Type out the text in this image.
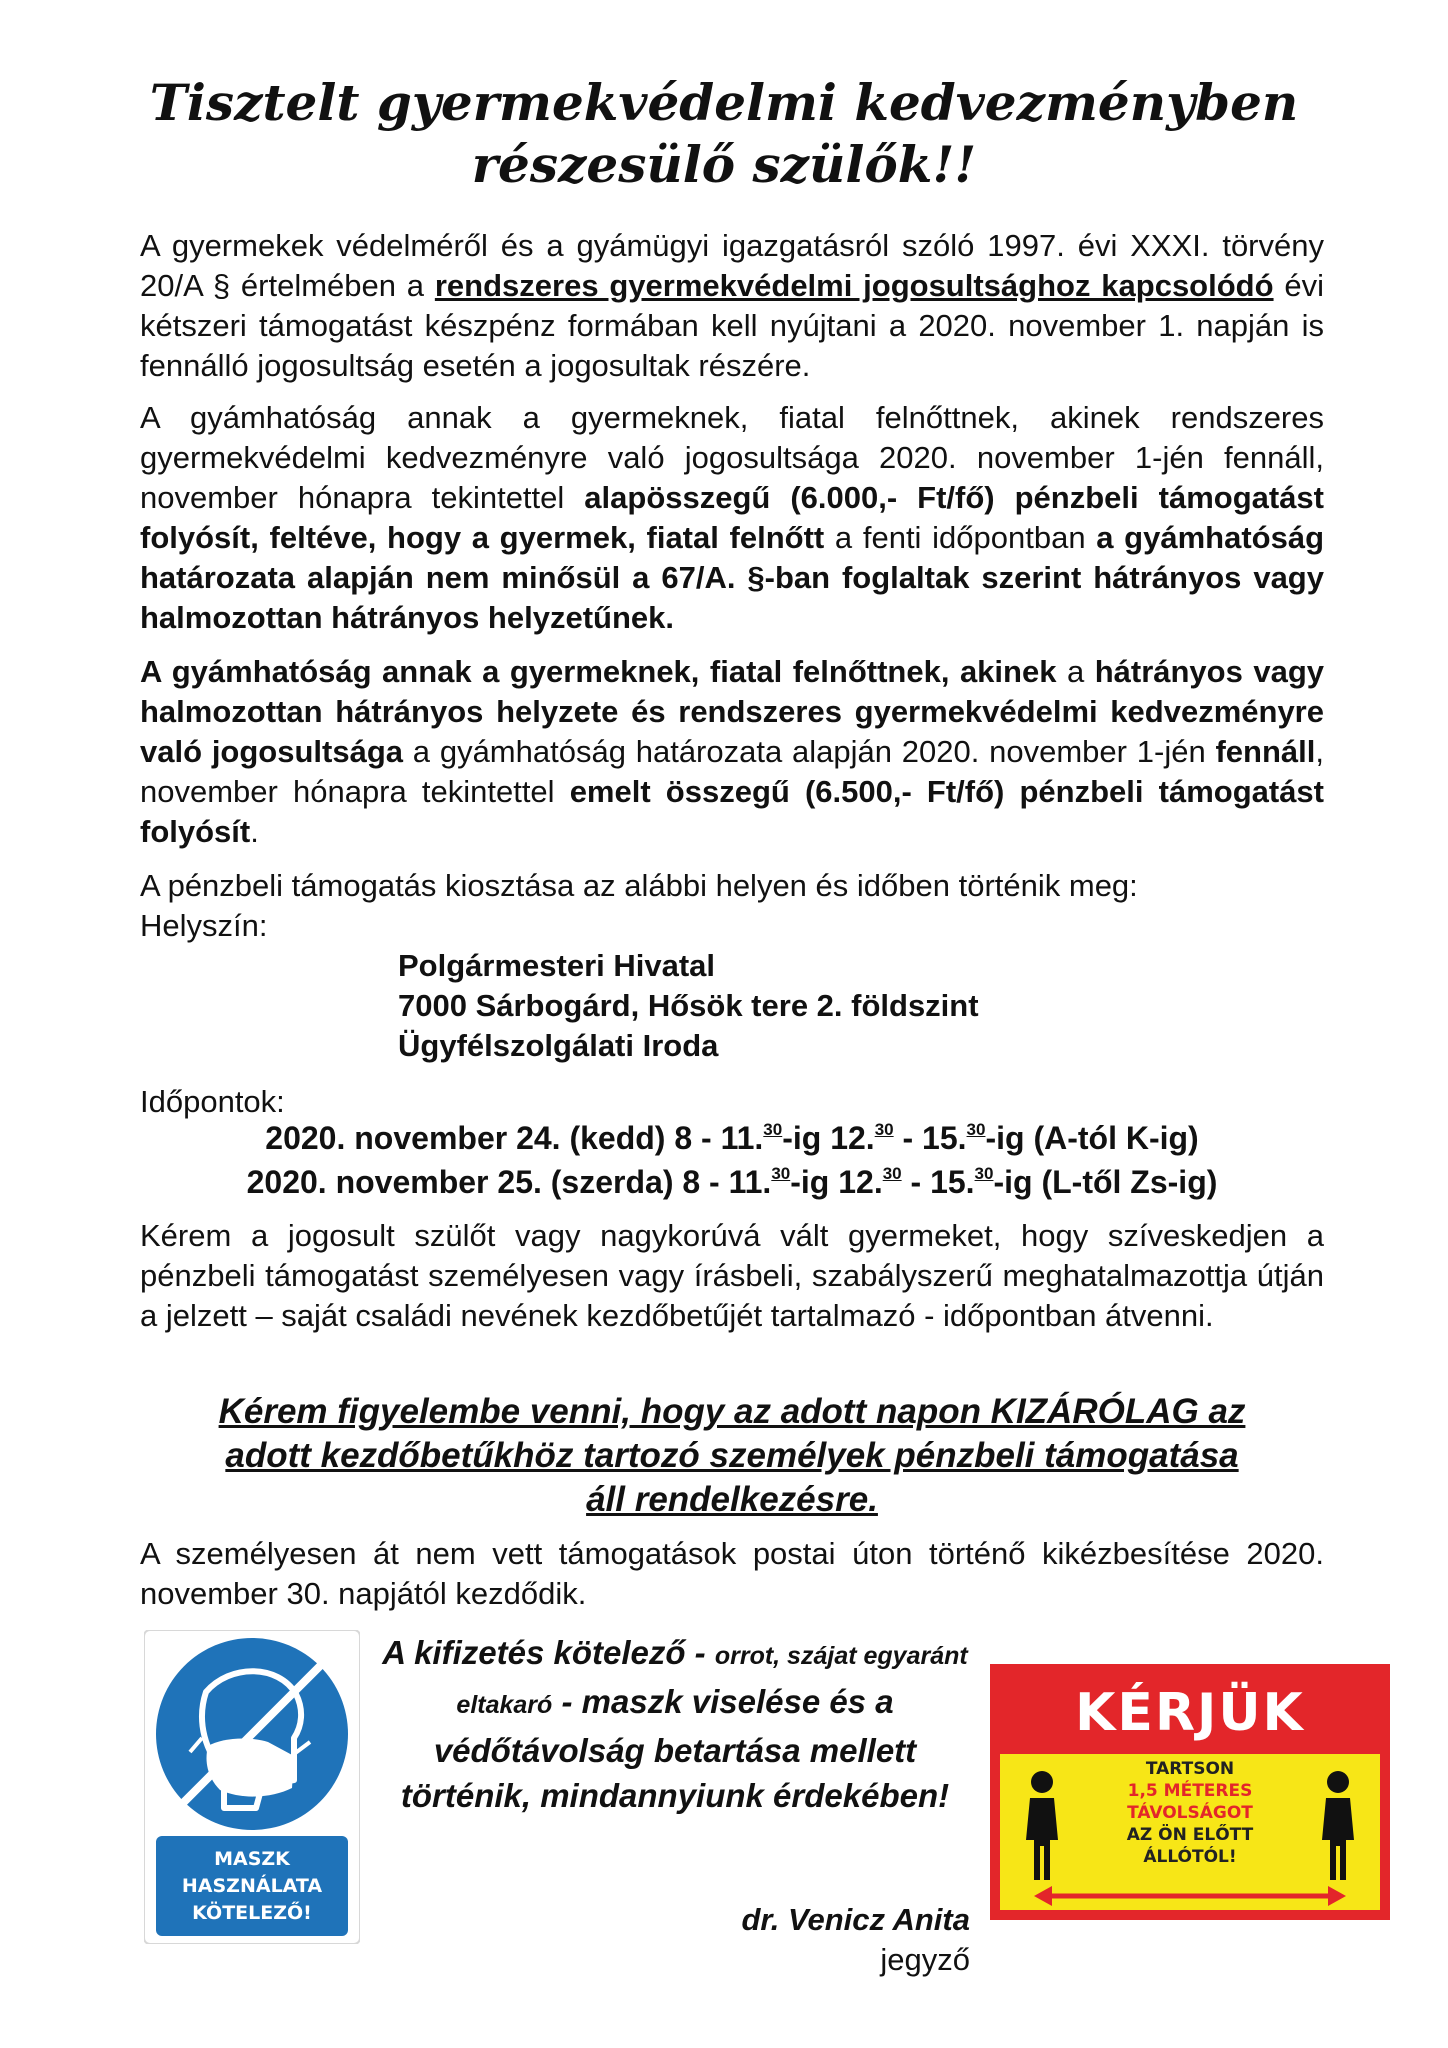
Tisztelt gyermekvédelmi kedvezményben
részesülő szülők!!

A gyermekek védelméről és a gyámügyi igazgatásról szóló 1997. évi XXXI. törvény 20/A § értelmében a rendszeres gyermekvédelmi jogosultsághoz kapcsolódó évi kétszeri támogatást készpénz formában kell nyújtani a 2020. november 1. napján is fennálló jogosultság esetén a jogosultak részére.

A gyámhatóság annak a gyermeknek, fiatal felnőttnek, akinek rendszeres gyermekvédelmi kedvezményre való jogosultsága 2020. november 1-jén fennáll, november hónapra tekintettel alapösszegű (6.000,- Ft/fő) pénzbeli támogatást folyósít, feltéve, hogy a gyermek, fiatal felnőtt a fenti időpontban a gyámhatóság határozata alapján nem minősül a 67/A. §-ban foglaltak szerint hátrányos vagy halmozottan hátrányos helyzetűnek.

A gyámhatóság annak a gyermeknek, fiatal felnőttnek, akinek a hátrányos vagy halmozottan hátrányos helyzete és rendszeres gyermekvédelmi kedvezményre való jogosultsága a gyámhatóság határozata alapján 2020. november 1-jén fennáll, november hónapra tekintettel emelt összegű (6.500,- Ft/fő) pénzbeli támogatást folyósít.

A pénzbeli támogatás kiosztása az alábbi helyen és időben történik meg:

Helyszín:

Polgármesteri Hivatal
7000 Sárbogárd, Hősök tere 2. földszint
Ügyfélszolgálati Iroda

Időpontok:

2020. november 24. (kedd) 8 - 11.30-ig 12.30 - 15.30-ig (A-tól K-ig)
2020. november 25. (szerda) 8 - 11.30-ig 12.30 - 15.30-ig (L-től Zs-ig)

Kérem a jogosult szülőt vagy nagykorúvá vált gyermeket, hogy szíveskedjen a pénzbeli támogatást személyesen vagy írásbeli, szabályszerű meghatalmazottja útján a jelzett – saját családi nevének kezdőbetűjét tartalmazó - időpontban átvenni.

Kérem figyelembe venni, hogy az adott napon KIZÁRÓLAG az
adott kezdőbetűkhöz tartozó személyek pénzbeli támogatása
áll rendelkezésre.

A személyesen át nem vett támogatások postai úton történő kikézbesítése 2020. november 30. napjától kezdődik.

A kifizetés kötelező - orrot, szájat egyaránt eltakaró - maszk viselése és a védőtávolság betartása mellett történik, mindannyiunk érdekében!
dr. Venicz Anita
jegyző
MASZK
HASZNÁLATA
KÖTELEZŐ!
KÉRJÜK
TARTSON
1,5 MÉTERES
TÁVOLSÁGOT
AZ ÖN ELŐTT
ÁLLÓTÓL!
